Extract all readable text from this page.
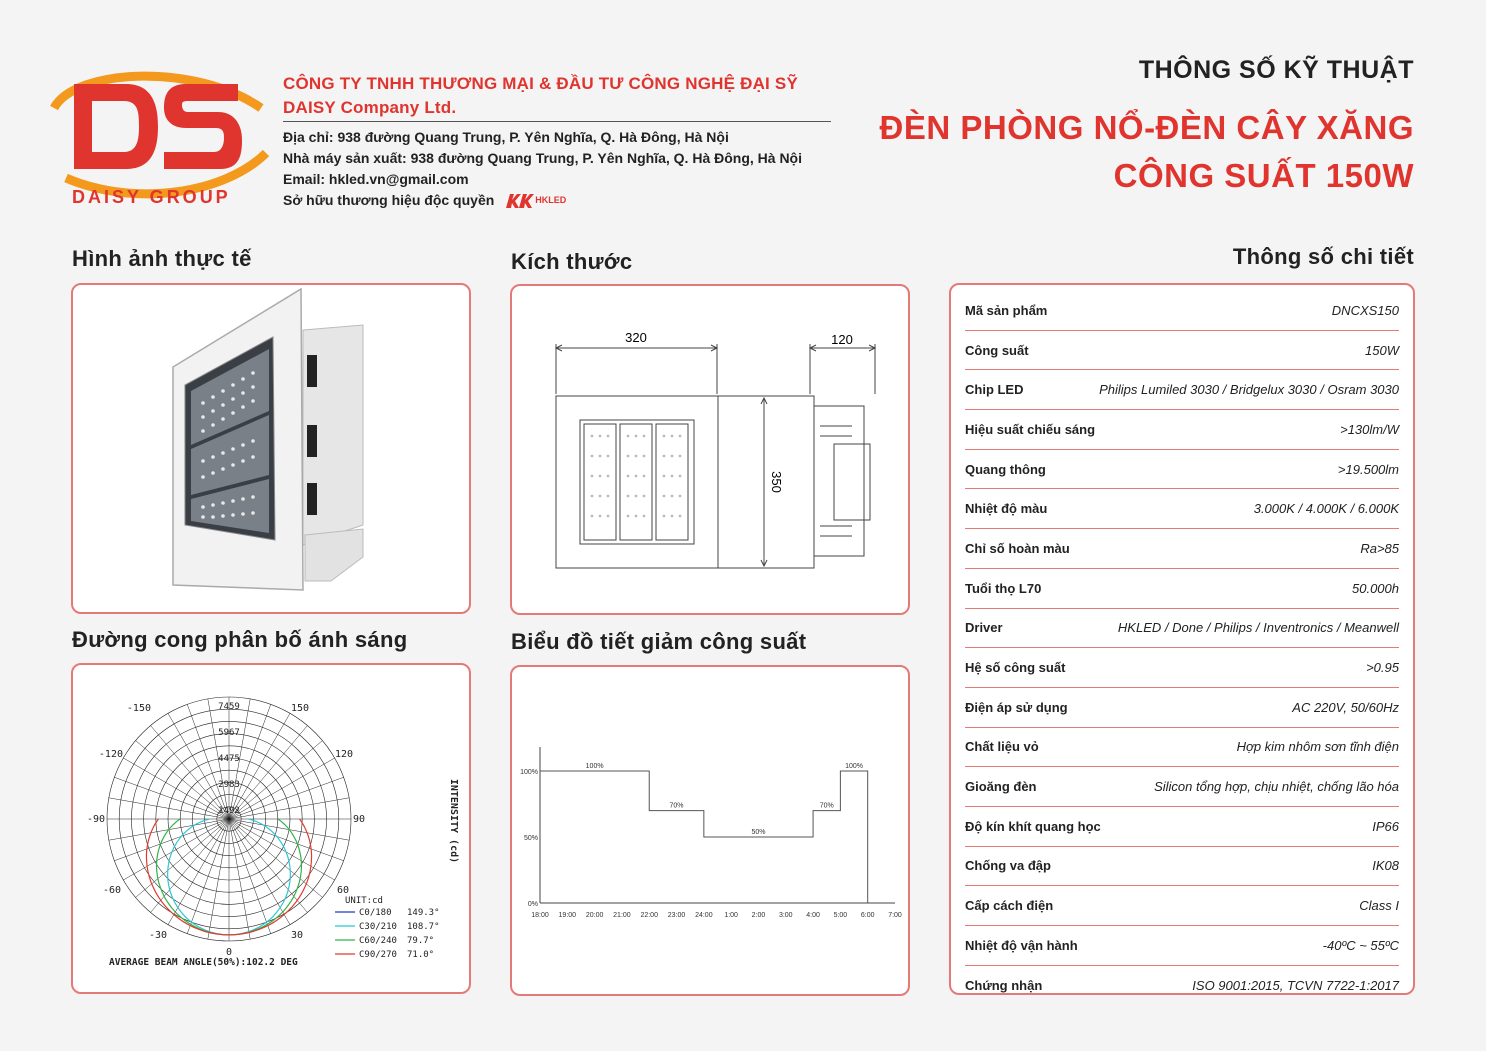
DAISY GROUP
CÔNG TY TNHH THƯƠNG MẠI & ĐẦU TƯ CÔNG NGHỆ ĐẠI SỸ
DAISY Company Ltd.
Địa chỉ: 938 đường Quang Trung, P. Yên Nghĩa, Q. Hà Đông, Hà Nội
Nhà máy sản xuất: 938 đường Quang Trung, P. Yên Nghĩa, Q. Hà Đông, Hà Nội
Email: hkled.vn@gmail.com
Sở hữu thương hiệu độc quyền	HKLED
THÔNG SỐ KỸ THUẬT
ĐÈN PHÒNG NỔ-ĐÈN CÂY XĂNG
CÔNG SUẤT 150W
Hình ảnh thực tế	Kích thước	Thông số chi tiết
Đường cong phân bố ánh sáng	Biểu đồ tiết giảm công suất
320	120
350
Mã sản phẩm	DNCXS150
Công suất	150W
Chip LED	Philips Lumiled 3030 / Bridgelux 3030 / Osram 3030
Hiệu suất chiếu sáng	>130lm/W
Quang thông	>19.500lm
Nhiệt độ màu	3.000K / 4.000K / 6.000K
Chỉ số hoàn màu	Ra>85
Tuổi thọ L70	50.000h
Driver	HKLED / Done / Philips / Inventronics / Meanwell
Hệ số công suất	>0.95
Điện áp sử dụng	AC 220V, 50/60Hz
Chất liệu vỏ	Hợp kim nhôm sơn tĩnh điện
Gioăng đèn	Silicon tổng hợp, chịu nhiệt, chống lão hóa
Độ kín khít quang học	IP66
Chống va đập	IK08
Cấp cách điện	Class I
Nhiệt độ vận hành	-40ºC ~ 55ºC
Chứng nhận	ISO 9001:2015, TCVN 7722-1:2017
7459
5967
4475
2983
1492
-150	150
-120	120
-90	90
-60	60
-30	30
0
INTENSITY (cd)
UNIT:cd
C0/180 149.3°
C30/210 108.7°
C60/240 79.7°
C90/270 71.0°
AVERAGE BEAM ANGLE(50%):102.2 DEG
0%
50%
100%
18:00 19:00 20:00 21:00 22:00 23:00 24:00 1:00 2:00 3:00 4:00 5:00 6:00 7:00
100%
70%
50%
70%
100%
